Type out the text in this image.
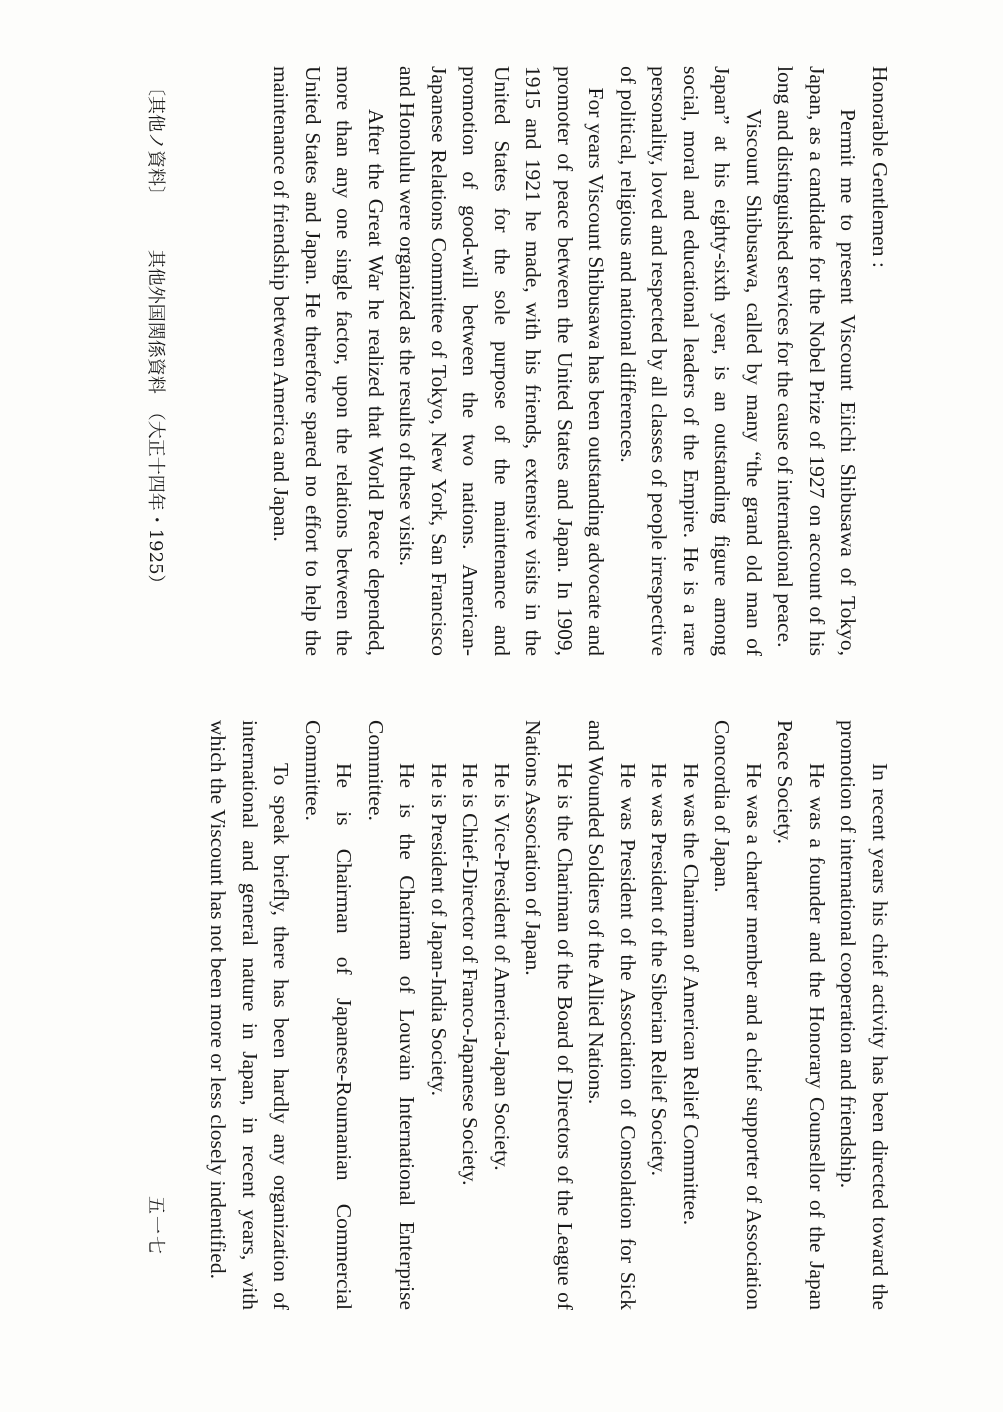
Honorable Gentlemen :

Permit me to present Viscount Eiichi Shibusawa of Tokyo, Japan, as a candidate for the Nobel Prize of 1927 on account of his long and distinguished services for the cause of international peace.

Viscount Shibusawa, called by many “the grand old man of Japan” at his eighty-sixth year, is an outstanding figure among social, moral and educational leaders of the Empire. He is a rare personality, loved and respected by all classes of people irrespective of political, religious and national differences.

For years Viscount Shibusawa has been outstanding advocate and promoter of peace between the United States and Japan. In 1909, 1915 and 1921 he made, with his friends, extensive visits in the United States for the sole purpose of the maintenance and promotion of good-will between the two nations. American-Japanese Relations Committee of Tokyo, New York, San Francisco and Honolulu were organized as the results of these visits.

After the Great War he realized that World Peace depended, more than any one single factor, upon the relations between the United States and Japan. He therefore spared no effort to help the maintenance of friendship between America and Japan.

In recent years his chief activity has been directed toward the promotion of international cooperation and friendship.

He was a founder and the Honorary Counsellor of the Japan Peace Society.

He was a charter member and a chief supporter of Association Concordia of Japan.

He was the Chairman of American Relief Committee.

He was President of the Siberian Relief Society.

He was President of the Association of Consolation for Sick and Wounded Soldiers of the Allied Nations.

He is the Chariman of the Board of Directors of the League of Nations Association of Japan.

He is Vice-President of America-Japan Society.

He is Chief-Director of Franco-Japanese Society.

He is President of Japan-India Society.

He is the Chairman of Louvain International Enterprise Committee.

He is Chairman of Japanese-Roumanian Commercial Committee.

To speak briefly, there has been hardly any organization of international and general nature in Japan, in recent years, with which the Viscount has not been more or less closely indentified.

〔其他ノ資料〕 其他外国関係資料　（大正十四年・1925）
五一七
